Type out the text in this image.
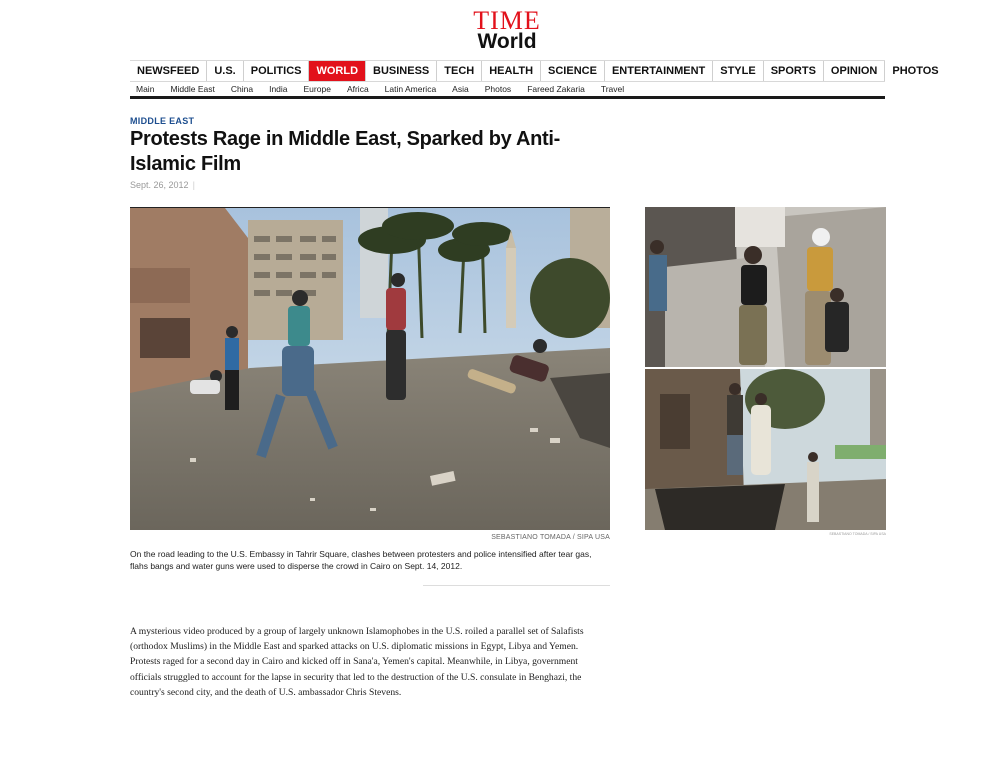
TIME
World
NEWSFEED	U.S.	POLITICS	WORLD	BUSINESS	TECH	HEALTH	SCIENCE	ENTERTAINMENT	STYLE	SPORTS	OPINION	PHOTOS
Main	Middle East	China	India	Europe	Africa	Latin America	Asia	Photos	Fareed Zakaria	Travel
MIDDLE EAST
Protests Rage in Middle East, Sparked by Anti-Islamic Film
Sept. 26, 2012 |
SEBASTIANO TOMADA / SIPA USA	SEBASTIANO TOMADA / SIPA USA
On the road leading to the U.S. Embassy in Tahrir Square, clashes between protesters and police intensified after tear gas, flahs bangs and water guns were used to disperse the crowd in Cairo on Sept. 14, 2012.
A mysterious video produced by a group of largely unknown Islamophobes in the U.S. roiled a parallel set of Salafists (orthodox Muslims) in the Middle East and sparked attacks on U.S. diplomatic missions in Egypt, Libya and Yemen. Protests raged for a second day in Cairo and kicked off in Sana'a, Yemen's capital. Meanwhile, in Libya, government officials struggled to account for the lapse in security that led to the destruction of the U.S. consulate in Benghazi, the country's second city, and the death of U.S. ambassador Chris Stevens.
